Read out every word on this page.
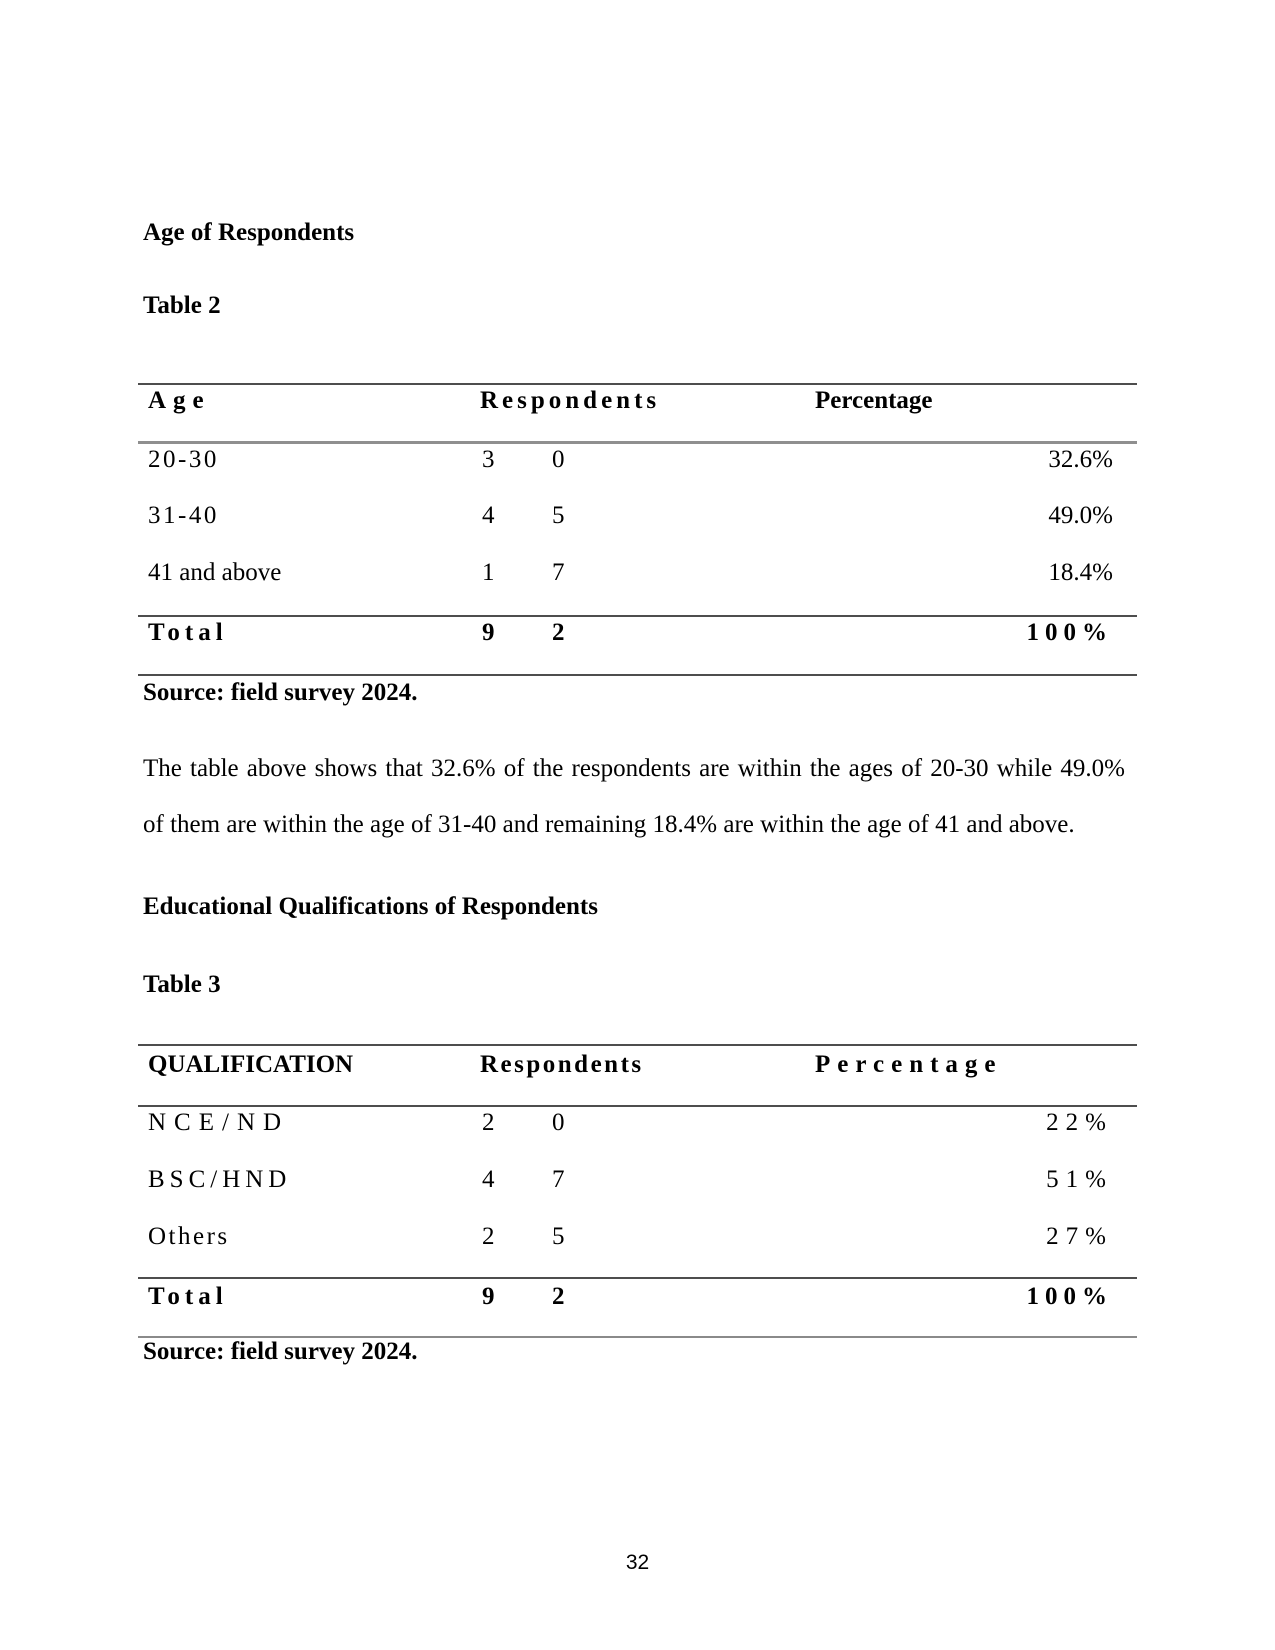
Age of Respondents
Table 2
Age	Respondents	Percentage
20-30	3 0	32.6%
31-40	4 5	49.0%
41 and above	1 7	18.4%
Total	9 2	100%
Source: field survey 2024.
The table above shows that 32.6% of the respondents are within the ages of 20-30 while 49.0%
of them are within the age of 31-40 and remaining 18.4% are within the age of 41 and above.
Educational Qualifications of Respondents
Table 3
QUALIFICATION	Respondents	Percentage
NCE/ND	2 0	22%
BSC/HND	4 7	51%
Others	2 5	27%
Total	9 2	100%
Source: field survey 2024.
32
